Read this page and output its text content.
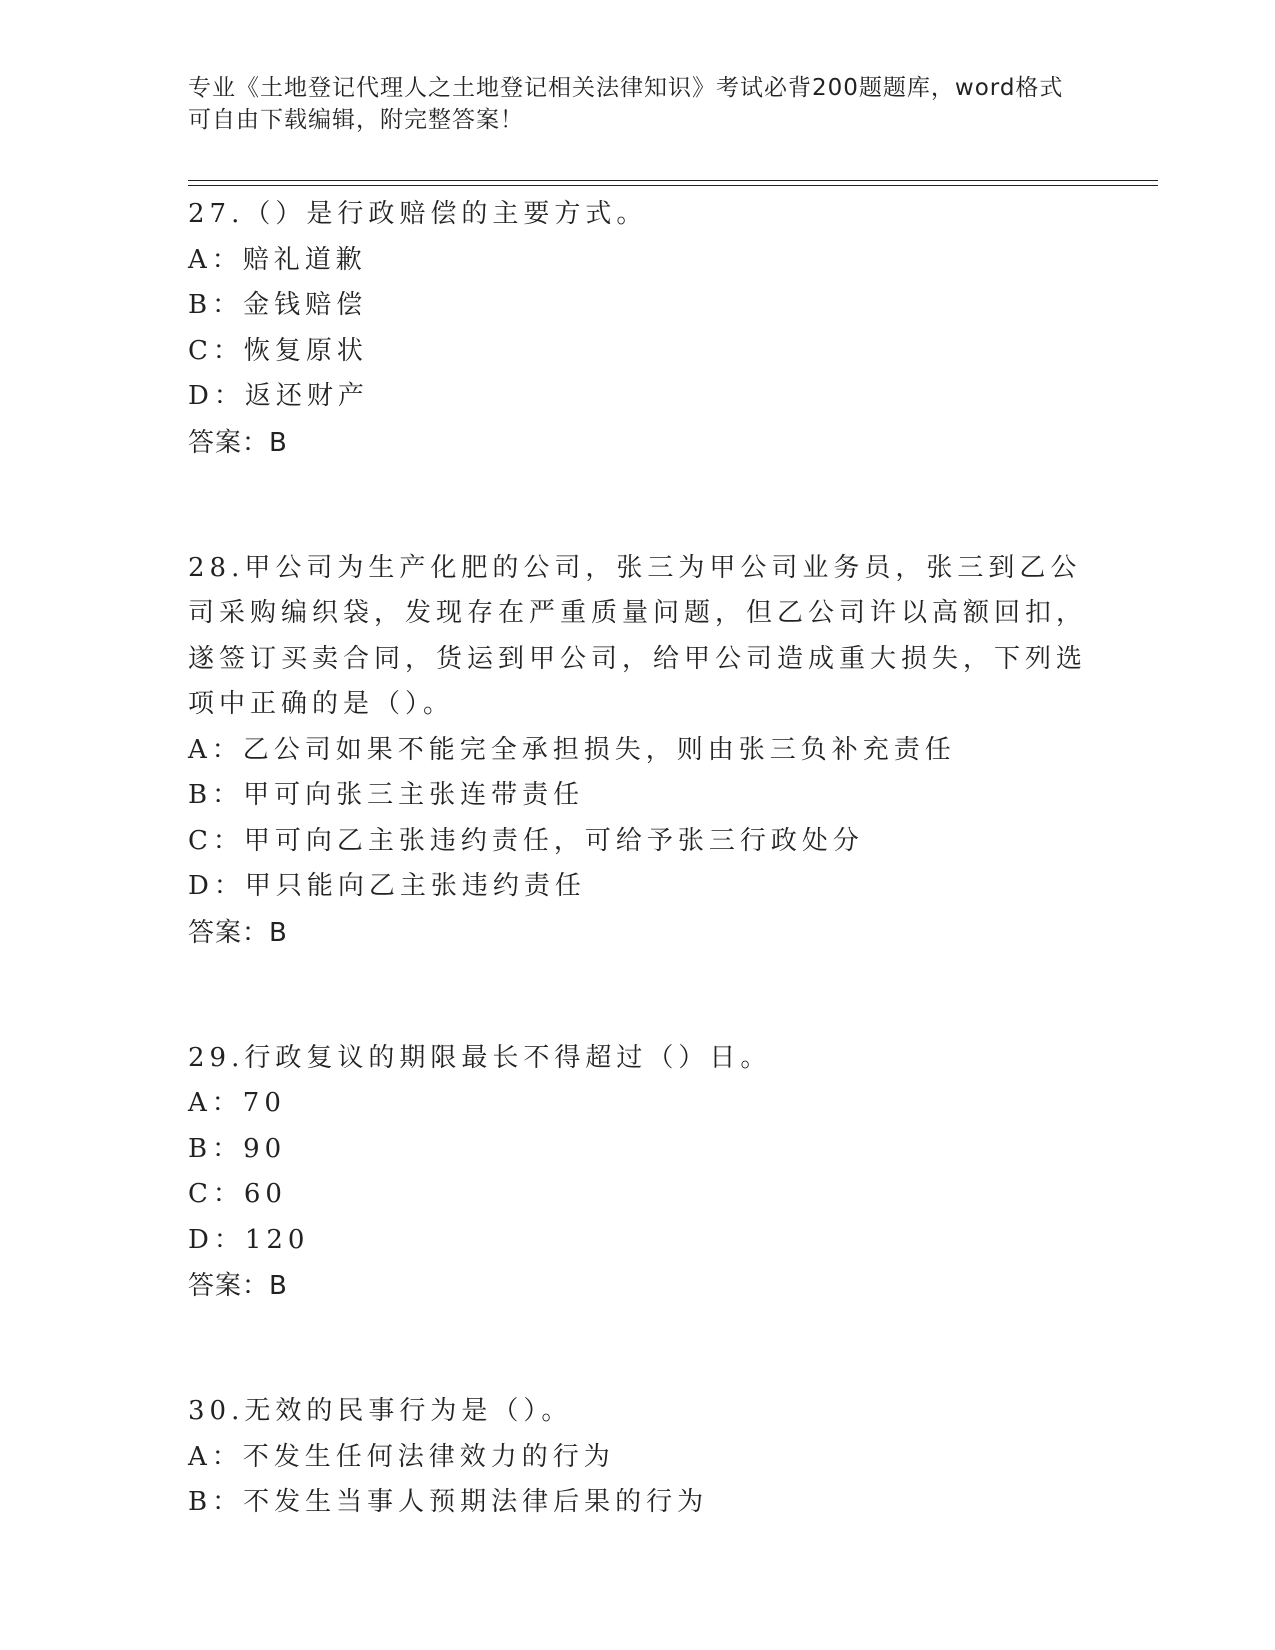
专业《土地登记代理人之土地登记相关法律知识》考试必背200题题库，word格式可自由下载编辑，附完整答案！
27.（）是行政赔偿的主要方式。
A：赔礼道歉
B：金钱赔偿
C：恢复原状
D：返还财产
答案：B
28.甲公司为生产化肥的公司，张三为甲公司业务员，张三到乙公司采购编织袋，发现存在严重质量问题，但乙公司许以高额回扣，遂签订买卖合同，货运到甲公司，给甲公司造成重大损失，下列选项中正确的是（）。
A：乙公司如果不能完全承担损失，则由张三负补充责任
B：甲可向张三主张连带责任
C：甲可向乙主张违约责任，可给予张三行政处分
D：甲只能向乙主张违约责任
答案：B
29.行政复议的期限最长不得超过（）日。
A：70
B：90
C：60
D：120
答案：B
30.无效的民事行为是（）。
A：不发生任何法律效力的行为
B：不发生当事人预期法律后果的行为
